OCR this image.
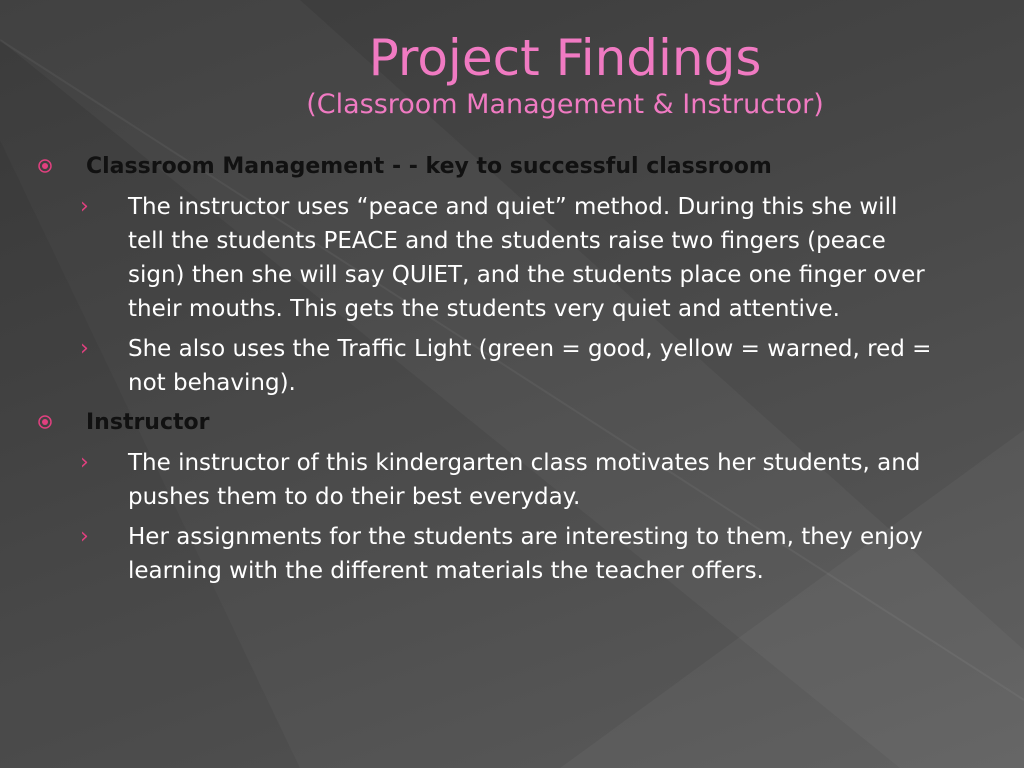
Project Findings
(Classroom Management & Instructor)
Classroom Management - - key to successful classroom
› The instructor uses “peace and quiet” method. During this she will tell the students PEACE and the students raise two fingers (peace sign) then she will say QUIET, and the students place one finger over their mouths. This gets the students very quiet and attentive.
› She also uses the Traffic Light (green = good, yellow = warned, red = not behaving).
Instructor
› The instructor of this kindergarten class motivates her students, and pushes them to do their best everyday.
› Her assignments for the students are interesting to them, they enjoy learning with the different materials the teacher offers.
